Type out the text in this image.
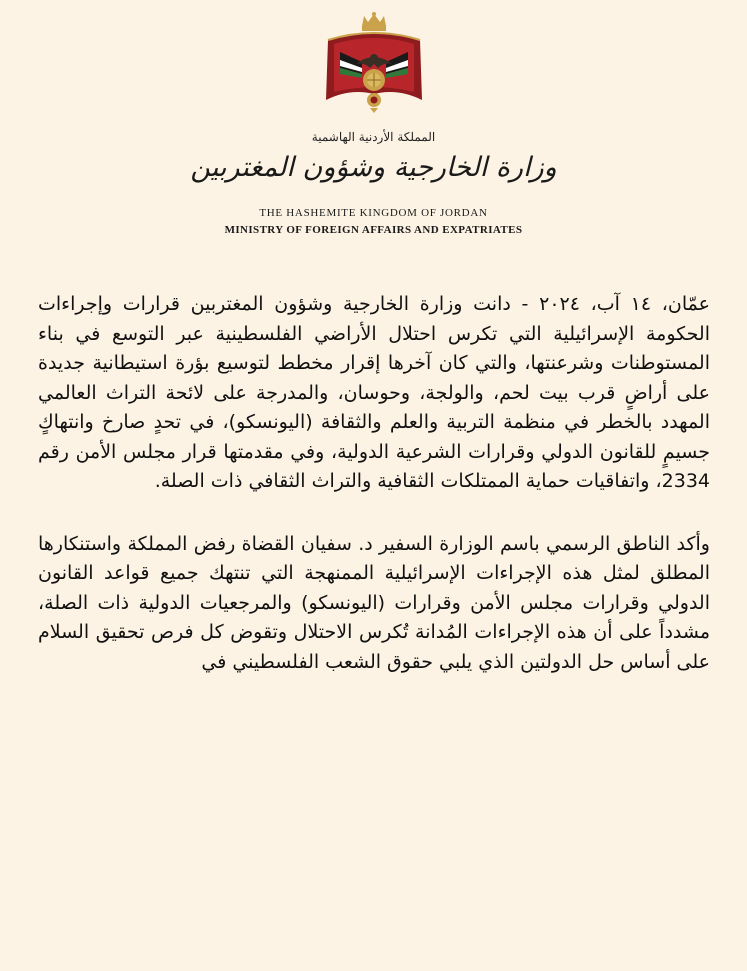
المملكة الأردنية الهاشمية
وزارة الخارجية وشؤون المغتربين
THE HASHEMITE KINGDOM OF JORDAN
MINISTRY OF FOREIGN AFFAIRS AND EXPATRIATES

عمّان، ١٤ آب، ٢٠٢٤ - دانت وزارة الخارجية وشؤون المغتربين قرارات وإجراءات الحكومة الإسرائيلية التي تكرس احتلال الأراضي الفلسطينية عبر التوسع في بناء المستوطنات وشرعنتها، والتي كان آخرها إقرار مخطط لتوسيع بؤرة استيطانية جديدة على أراضٍ قرب بيت لحم، والولجة، وحوسان، والمدرجة على لائحة التراث العالمي المهدد بالخطر في منظمة التربية والعلم والثقافة (اليونسكو)، في تحدٍ صارخ وانتهاكٍ جسيمٍ للقانون الدولي وقرارات الشرعية الدولية، وفي مقدمتها قرار مجلس الأمن رقم 2334، واتفاقيات حماية الممتلكات الثقافية والتراث الثقافي ذات الصلة.

وأكد الناطق الرسمي باسم الوزارة السفير د. سفيان القضاة رفض المملكة واستنكارها المطلق لمثل هذه الإجراءات الإسرائيلية الممنهجة التي تنتهك جميع قواعد القانون الدولي وقرارات مجلس الأمن وقرارات (اليونسكو) والمرجعيات الدولية ذات الصلة، مشدداً على أن هذه الإجراءات المُدانة تُكرس الاحتلال وتقوض كل فرص تحقيق السلام على أساس حل الدولتين الذي يلبي حقوق الشعب الفلسطيني في
